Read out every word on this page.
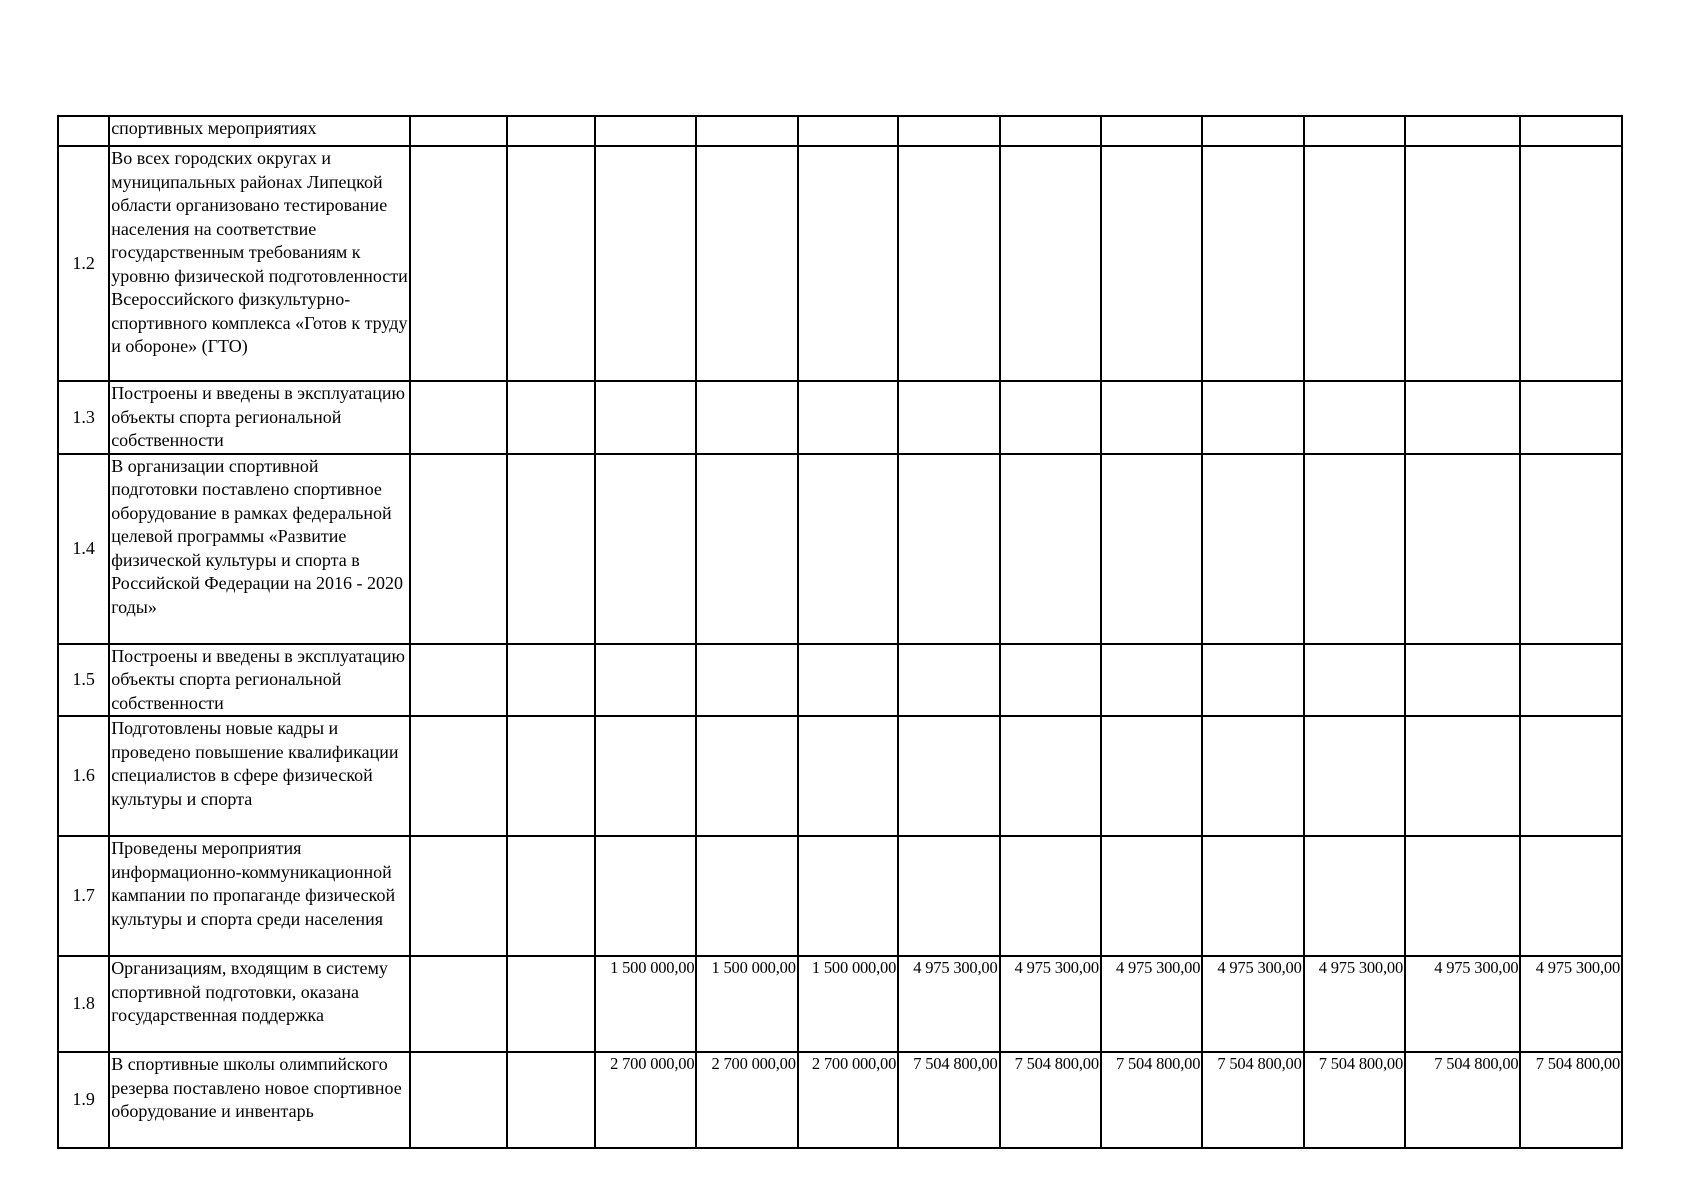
	спортивных мероприятиях												
1.2	Во всех городских округах и муниципальных районах Липецкой области организовано тестирование населения на соответствие государственным требованиям к уровню физической подготовленности Всероссийского физкультурно-спортивного комплекса «Готов к труду и обороне» (ГТО)												
1.3	Построены и введены в эксплуатацию объекты спорта региональной собственности												
1.4	В организации спортивной подготовки поставлено спортивное оборудование в рамках федеральной целевой программы «Развитие физической культуры и спорта в Российской Федерации на 2016 - 2020 годы»												
1.5	Построены и введены в эксплуатацию объекты спорта региональной собственности												
1.6	Подготовлены новые кадры и проведено повышение квалификации специалистов в сфере физической культуры и спорта												
1.7	Проведены мероприятия информационно-коммуникационной кампании по пропаганде физической культуры и спорта среди населения												
1.8	Организациям, входящим в систему спортивной подготовки, оказана государственная поддержка			1 500 000,00	1 500 000,00	1 500 000,00	4 975 300,00	4 975 300,00	4 975 300,00	4 975 300,00	4 975 300,00	4 975 300,00	4 975 300,00
1.9	В спортивные школы олимпийского резерва поставлено новое спортивное оборудование и инвентарь			2 700 000,00	2 700 000,00	2 700 000,00	7 504 800,00	7 504 800,00	7 504 800,00	7 504 800,00	7 504 800,00	7 504 800,00	7 504 800,00
